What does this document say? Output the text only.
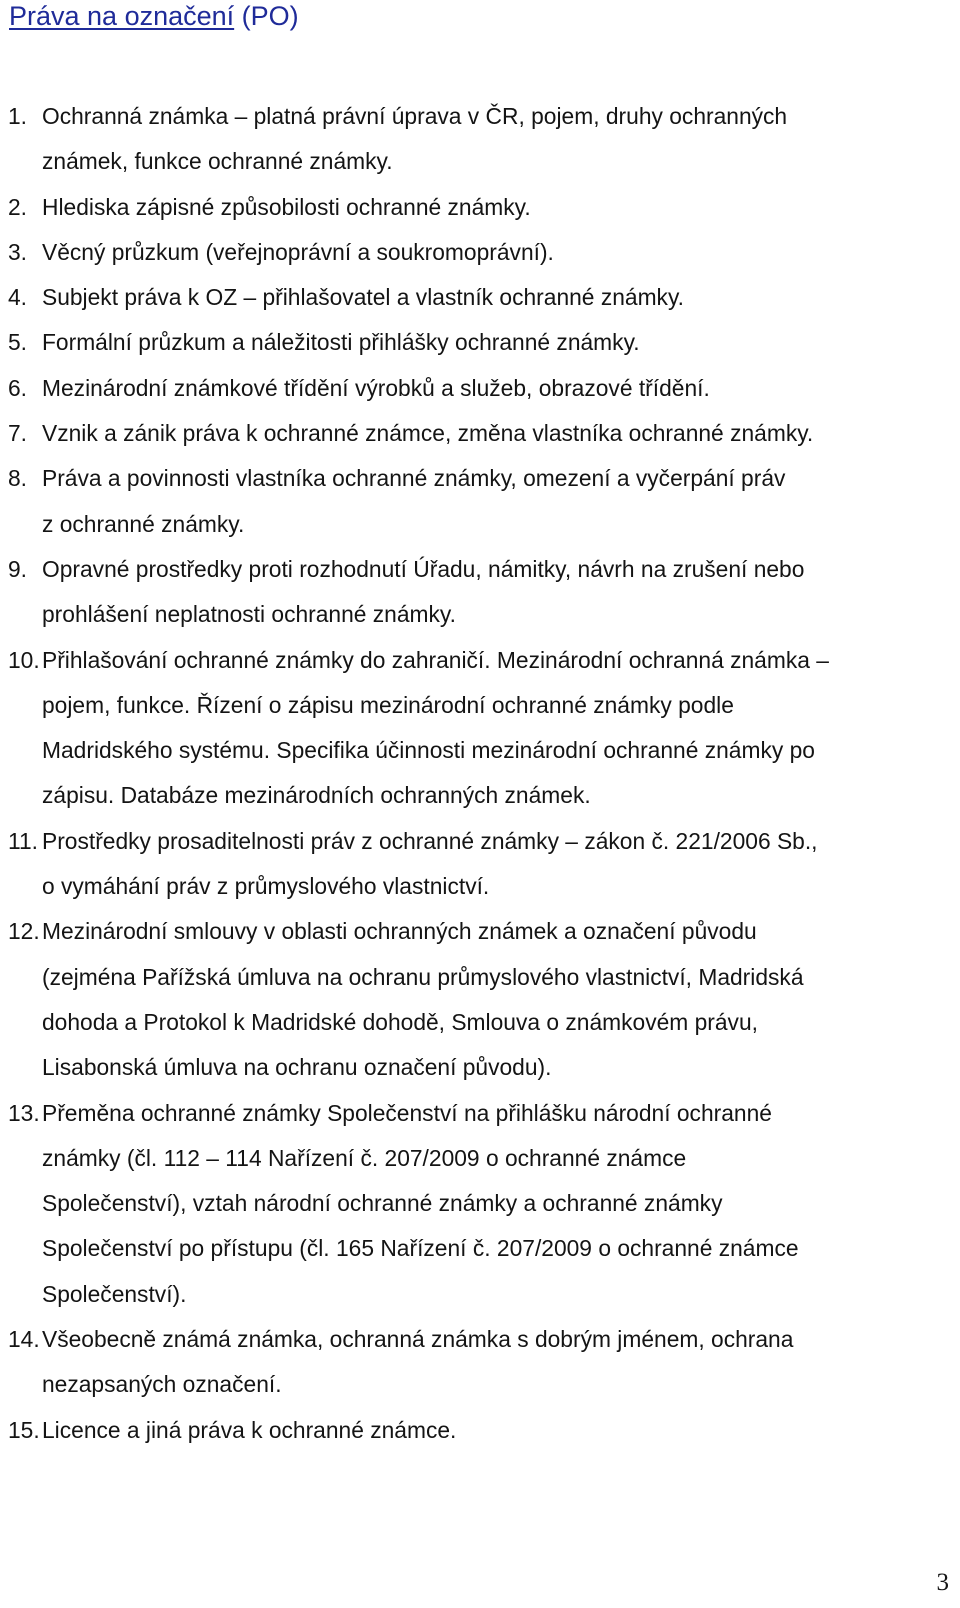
Práva na označení (PO)
1. Ochranná známka – platná právní úprava v ČR, pojem, druhy ochranných
známek, funkce ochranné známky.
2. Hlediska zápisné způsobilosti ochranné známky.
3. Věcný průzkum (veřejnoprávní a soukromoprávní).
4. Subjekt práva k OZ – přihlašovatel a vlastník ochranné známky.
5. Formální průzkum a náležitosti přihlášky ochranné známky.
6. Mezinárodní známkové třídění výrobků a služeb, obrazové třídění.
7. Vznik a zánik práva k ochranné známce, změna vlastníka ochranné známky.
8. Práva a povinnosti vlastníka ochranné známky, omezení a vyčerpání práv
z ochranné známky.
9. Opravné prostředky proti rozhodnutí Úřadu, námitky, návrh na zrušení nebo
prohlášení neplatnosti ochranné známky.
10. Přihlašování ochranné známky do zahraničí. Mezinárodní ochranná známka –
pojem, funkce. Řízení o zápisu mezinárodní ochranné známky podle
Madridského systému. Specifika účinnosti mezinárodní ochranné známky po
zápisu. Databáze mezinárodních ochranných známek.
11. Prostředky prosaditelnosti práv z ochranné známky – zákon č. 221/2006 Sb.,
o vymáhání práv z průmyslového vlastnictví.
12. Mezinárodní smlouvy v oblasti ochranných známek a označení původu
(zejména Pařížská úmluva na ochranu průmyslového vlastnictví, Madridská
dohoda a Protokol k Madridské dohodě, Smlouva o známkovém právu,
Lisabonská úmluva na ochranu označení původu).
13. Přeměna ochranné známky Společenství na přihlášku národní ochranné
známky (čl. 112 – 114 Nařízení č. 207/2009 o ochranné známce
Společenství), vztah národní ochranné známky a ochranné známky
Společenství po přístupu (čl. 165 Nařízení č. 207/2009 o ochranné známce
Společenství).
14. Všeobecně známá známka, ochranná známka s dobrým jménem, ochrana
nezapsaných označení.
15. Licence a jiná práva k ochranné známce.
3
